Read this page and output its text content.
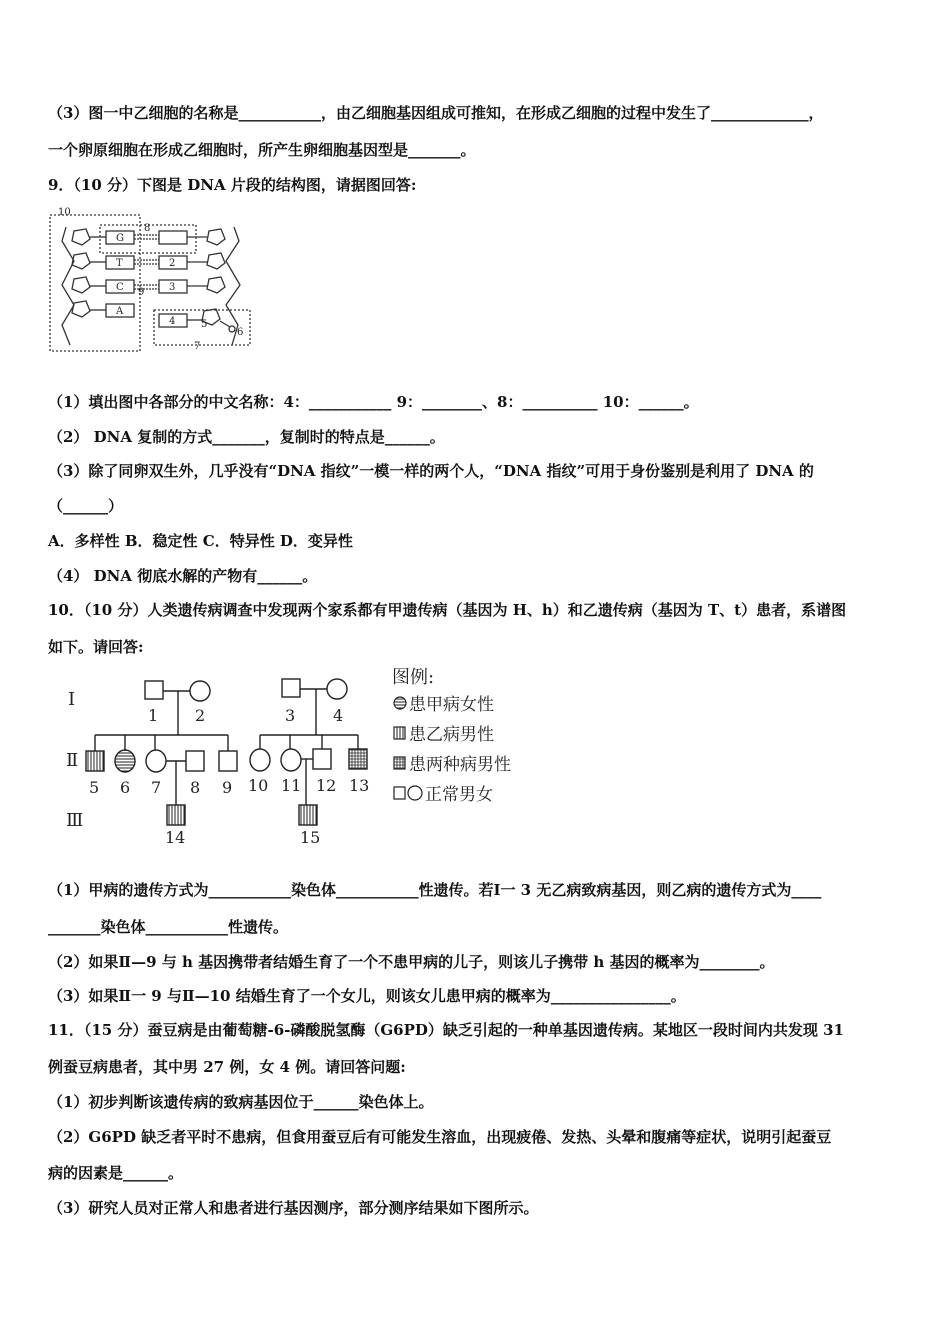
（3）图一中乙细胞的名称是___________，由乙细胞基因组成可推知，在形成乙细胞的过程中发生了_____________，
一个卵原细胞在形成乙细胞时，所产生卵细胞基因型是_______。
9．（10 分）下图是 DNA 片段的结构图，请据图回答:
10
8
9
7
6
5
G
T
C
A
2
3
4
（1）填出图中各部分的中文名称：4：___________ 9：________、8：__________ 10：______。
（2） DNA 复制的方式_______，复制时的特点是______。
（3）除了同卵双生外，几乎没有“DNA 指纹”一模一样的两个人，“DNA 指纹”可用于身份鉴别是利用了 DNA 的
（______）
A．多样性 B．稳定性 C．特异性 D．变异性
（4） DNA 彻底水解的产物有______。
10．（10 分）人类遗传病调查中发现两个家系都有甲遗传病（基因为 H、h）和乙遗传病（基因为 T、t）患者，系谱图
如下。请回答:
Ⅰ
Ⅱ
Ⅲ
1 2	3 4
5 6 7 8 9 10 11 12 13
14	15
图例:
患甲病女性
患乙病男性
患两种病男性
正常男女
（1）甲病的遗传方式为___________染色体___________性遗传。若Ⅰ一 3 无乙病致病基因，则乙病的遗传方式为____
_______染色体___________性遗传。
（2）如果Ⅱ—9 与 h 基因携带者结婚生育了一个不患甲病的儿子，则该儿子携带 h 基因的概率为________。
（3）如果Ⅱ一 9 与Ⅱ—10 结婚生育了一个女儿，则该女儿患甲病的概率为________________。
11．（15 分）蚕豆病是由葡萄糖-6-磷酸脱氢酶（G6PD）缺乏引起的一种单基因遗传病。某地区一段时间内共发现 31
例蚕豆病患者，其中男 27 例，女 4 例。请回答问题:
（1）初步判断该遗传病的致病基因位于______染色体上。
（2）G6PD 缺乏者平时不患病，但食用蚕豆后有可能发生溶血，出现疲倦、发热、头晕和腹痛等症状，说明引起蚕豆
病的因素是______。
（3）研究人员对正常人和患者进行基因测序，部分测序结果如下图所示。
